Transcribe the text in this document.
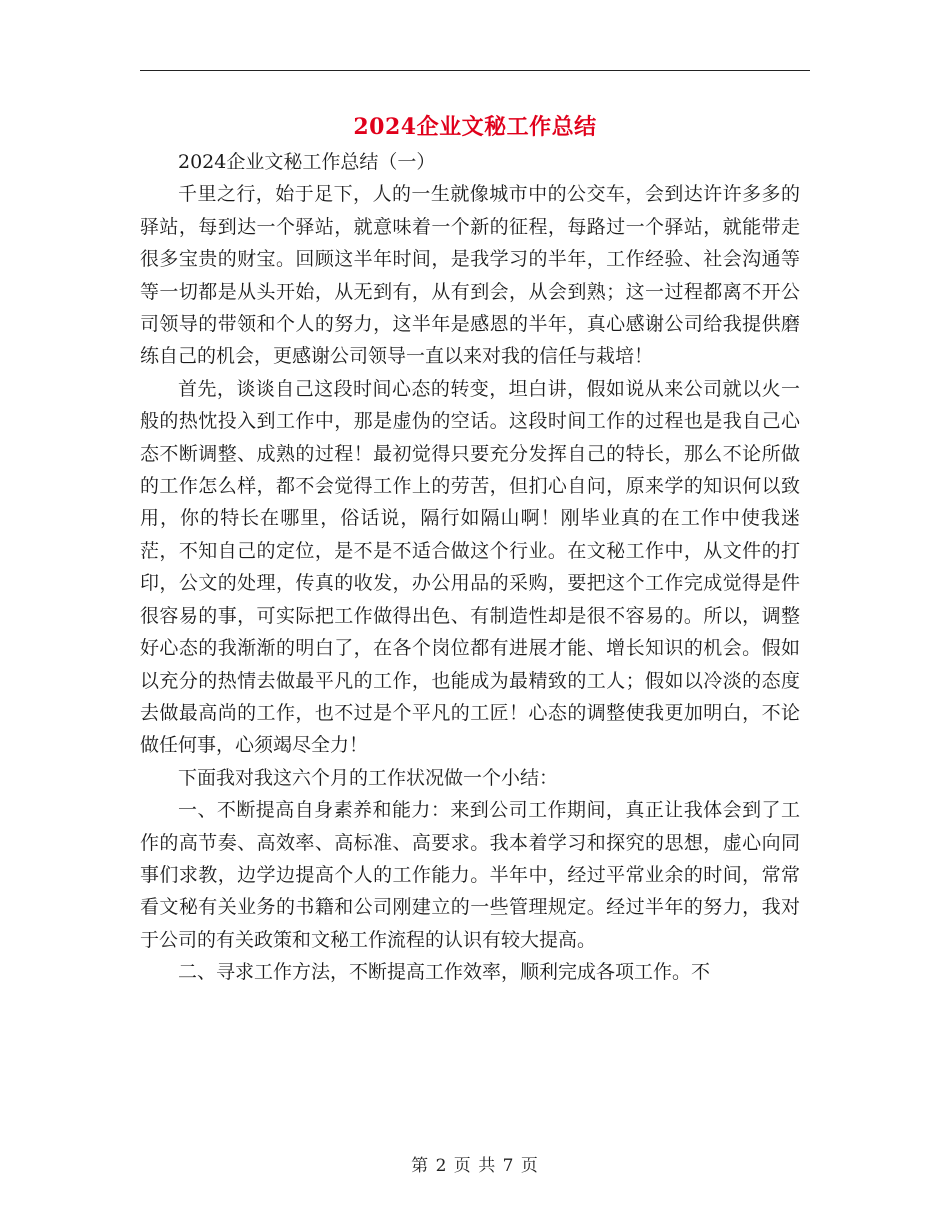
2024企业文秘工作总结

2024企业文秘工作总结（一）

千里之行，始于足下，人的一生就像城市中的公交车，会到达许许多多的驿站，每到达一个驿站，就意味着一个新的征程，每路过一个驿站，就能带走很多宝贵的财宝。回顾这半年时间，是我学习的半年，工作经验、社会沟通等等一切都是从头开始，从无到有，从有到会，从会到熟；这一过程都离不开公司领导的带领和个人的努力，这半年是感恩的半年，真心感谢公司给我提供磨练自己的机会，更感谢公司领导一直以来对我的信任与栽培！

首先，谈谈自己这段时间心态的转变，坦白讲，假如说从来公司就以火一般的热忱投入到工作中，那是虚伪的空话。这段时间工作的过程也是我自己心态不断调整、成熟的过程！最初觉得只要充分发挥自己的特长，那么不论所做的工作怎么样，都不会觉得工作上的劳苦，但扪心自问，原来学的知识何以致用，你的特长在哪里，俗话说，隔行如隔山啊！刚毕业真的在工作中使我迷茫，不知自己的定位，是不是不适合做这个行业。在文秘工作中，从文件的打印，公文的处理，传真的收发，办公用品的采购，要把这个工作完成觉得是件很容易的事，可实际把工作做得出色、有制造性却是很不容易的。所以，调整好心态的我渐渐的明白了，在各个岗位都有进展才能、增长知识的机会。假如以充分的热情去做最平凡的工作，也能成为最精致的工人；假如以冷淡的态度去做最高尚的工作，也不过是个平凡的工匠！心态的调整使我更加明白，不论做任何事，心须竭尽全力！

下面我对我这六个月的工作状况做一个小结：

一、不断提高自身素养和能力：来到公司工作期间，真正让我体会到了工作的高节奏、高效率、高标准、高要求。我本着学习和探究的思想，虚心向同事们求教，边学边提高个人的工作能力。半年中，经过平常业余的时间，常常看文秘有关业务的书籍和公司刚建立的一些管理规定。经过半年的努力，我对于公司的有关政策和文秘工作流程的认识有较大提高。

二、寻求工作方法，不断提高工作效率，顺利完成各项工作。不

第 2 页 共 7 页
